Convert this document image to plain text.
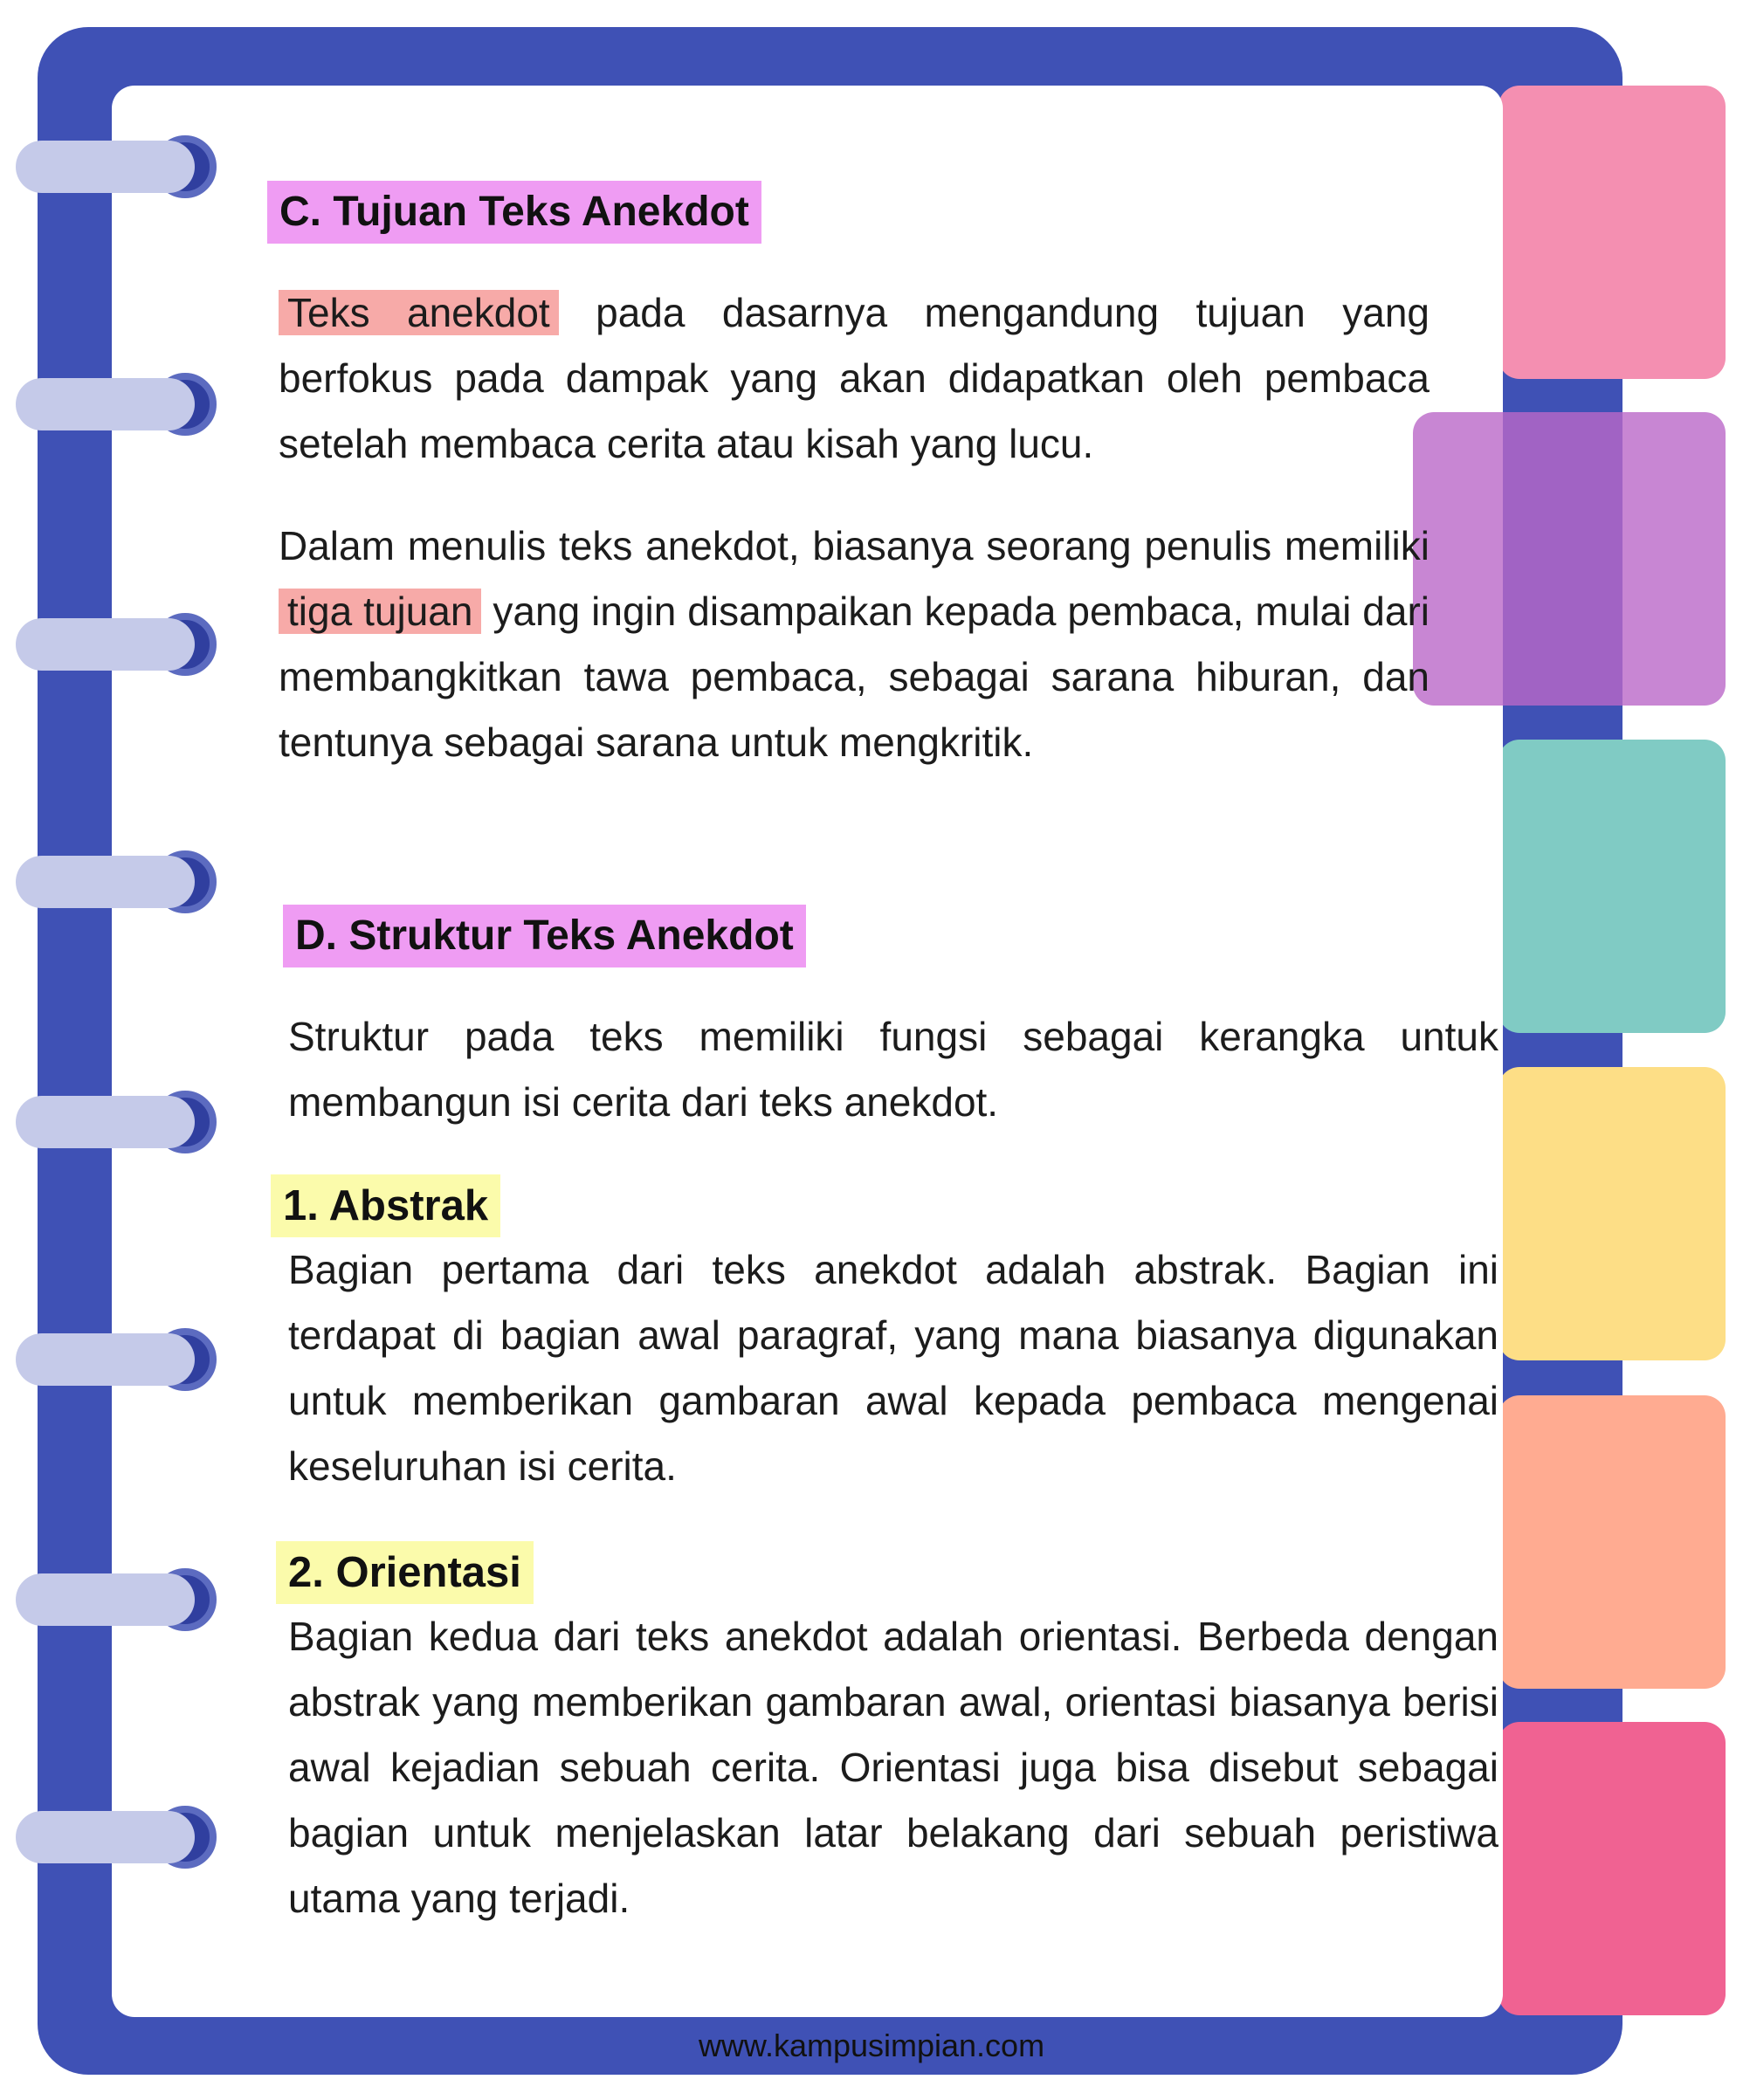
C. Tujuan Teks Anekdot

Teks anekdot pada dasarnya mengandung tujuan yang berfokus pada dampak yang akan didapatkan oleh pembaca setelah membaca cerita atau kisah yang lucu.

Dalam menulis teks anekdot, biasanya seorang penulis memiliki tiga tujuan yang ingin disampaikan kepada pembaca, mulai dari membangkitkan tawa pembaca, sebagai sarana hiburan, dan tentunya sebagai sarana untuk mengkritik.

D. Struktur Teks Anekdot

Struktur pada teks memiliki fungsi sebagai kerangka untuk membangun isi cerita dari teks anekdot.

1. Abstrak

Bagian pertama dari teks anekdot adalah abstrak. Bagian ini terdapat di bagian awal paragraf, yang mana biasanya digunakan untuk memberikan gambaran awal kepada pembaca mengenai keseluruhan isi cerita.

2. Orientasi

Bagian kedua dari teks anekdot adalah orientasi. Berbeda dengan abstrak yang memberikan gambaran awal, orientasi biasanya berisi awal kejadian sebuah cerita. Orientasi juga bisa disebut sebagai bagian untuk menjelaskan latar belakang dari sebuah peristiwa utama yang terjadi.

www.kampusimpian.com
